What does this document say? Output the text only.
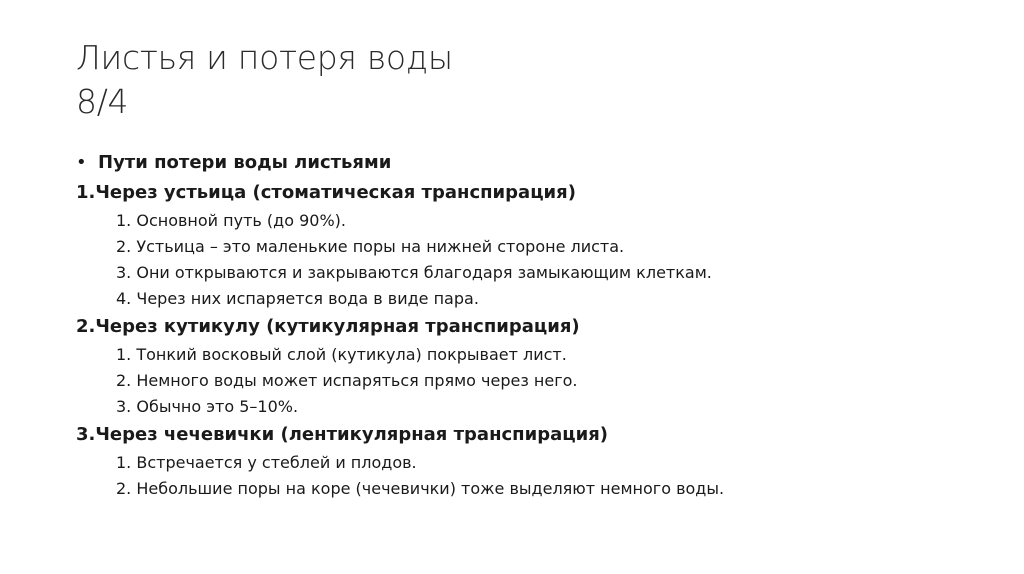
Листья и потеря воды
8/4
• Пути потери воды листьями
1.Через устьица (стоматическая транспирация)
1. Основной путь (до 90%).
2. Устьица – это маленькие поры на нижней стороне листа.
3. Они открываются и закрываются благодаря замыкающим клеткам.
4. Через них испаряется вода в виде пара.
2.Через кутикулу (кутикулярная транспирация)
1. Тонкий восковый слой (кутикула) покрывает лист.
2. Немного воды может испаряться прямо через него.
3. Обычно это 5–10%.
3.Через чечевички (лентикулярная транспирация)
1. Встречается у стеблей и плодов.
2. Небольшие поры на коре (чечевички) тоже выделяют немного воды.
